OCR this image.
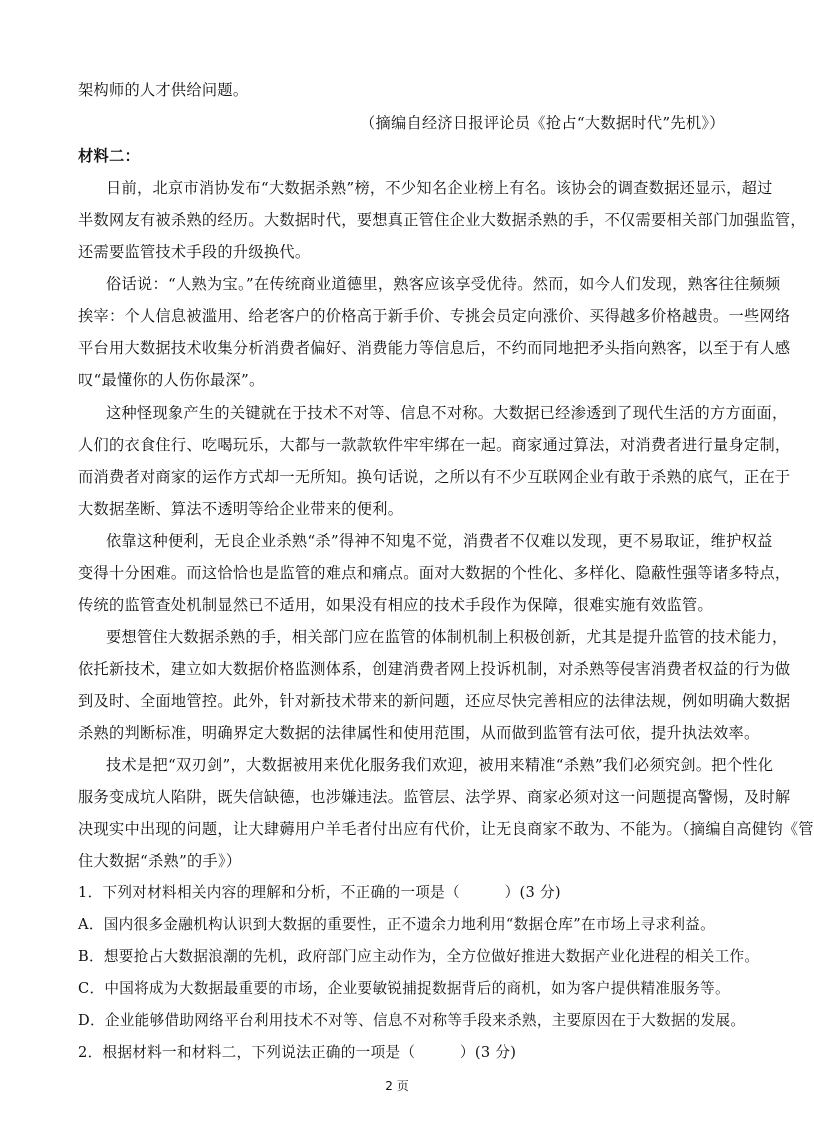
架构师的人才供给问题。
（摘编自经济日报评论员《抢占“大数据时代”先机》）
材料二：
日前，北京市消协发布“大数据杀熟”榜，不少知名企业榜上有名。该协会的调查数据还显示，超过
半数网友有被杀熟的经历。大数据时代，要想真正管住企业大数据杀熟的手，不仅需要相关部门加强监管，
还需要监管技术手段的升级换代。
俗话说：“人熟为宝。”在传统商业道德里，熟客应该享受优待。然而，如今人们发现，熟客往往频频
挨宰：个人信息被滥用、给老客户的价格高于新手价、专挑会员定向涨价、买得越多价格越贵。一些网络
平台用大数据技术收集分析消费者偏好、消费能力等信息后，不约而同地把矛头指向熟客，以至于有人感
叹“最懂你的人伤你最深”。
这种怪现象产生的关键就在于技术不对等、信息不对称。大数据已经渗透到了现代生活的方方面面，
人们的衣食住行、吃喝玩乐，大都与一款款软件牢牢绑在一起。商家通过算法，对消费者进行量身定制，
而消费者对商家的运作方式却一无所知。换句话说，之所以有不少互联网企业有敢于杀熟的底气，正在于
大数据垄断、算法不透明等给企业带来的便利。
依靠这种便利，无良企业杀熟“杀”得神不知鬼不觉，消费者不仅难以发现，更不易取证，维护权益
变得十分困难。而这恰恰也是监管的难点和痛点。面对大数据的个性化、多样化、隐蔽性强等诸多特点，
传统的监管查处机制显然已不适用，如果没有相应的技术手段作为保障，很难实施有效监管。
要想管住大数据杀熟的手，相关部门应在监管的体制机制上积极创新，尤其是提升监管的技术能力，
依托新技术，建立如大数据价格监测体系，创建消费者网上投诉机制，对杀熟等侵害消费者权益的行为做
到及时、全面地管控。此外，针对新技术带来的新问题，还应尽快完善相应的法律法规，例如明确大数据
杀熟的判断标准，明确界定大数据的法律属性和使用范围，从而做到监管有法可依，提升执法效率。
技术是把“双刃剑”，大数据被用来优化服务我们欢迎，被用来精准“杀熟”我们必须究剑。把个性化
服务变成坑人陷阱，既失信缺德，也涉嫌违法。监管层、法学界、商家必须对这一问题提高警惕，及时解
决现实中出现的问题，让大肆薅用户羊毛者付出应有代价，让无良商家不敢为、不能为。（摘编自高健钧《管
住大数据“杀熟”的手》）
1．下列对材料相关内容的理解和分析，不正确的一项是（　　　）(3 分)
A．国内很多金融机构认识到大数据的重要性，正不遗余力地利用“数据仓库”在市场上寻求利益。
B．想要抢占大数据浪潮的先机，政府部门应主动作为，全方位做好推进大数据产业化进程的相关工作。
C．中国将成为大数据最重要的市场，企业要敏锐捕捉数据背后的商机，如为客户提供精准服务等。
D．企业能够借助网络平台利用技术不对等、信息不对称等手段来杀熟，主要原因在于大数据的发展。
2．根据材料一和材料二，下列说法正确的一项是（　　　）(3 分)
2 页
